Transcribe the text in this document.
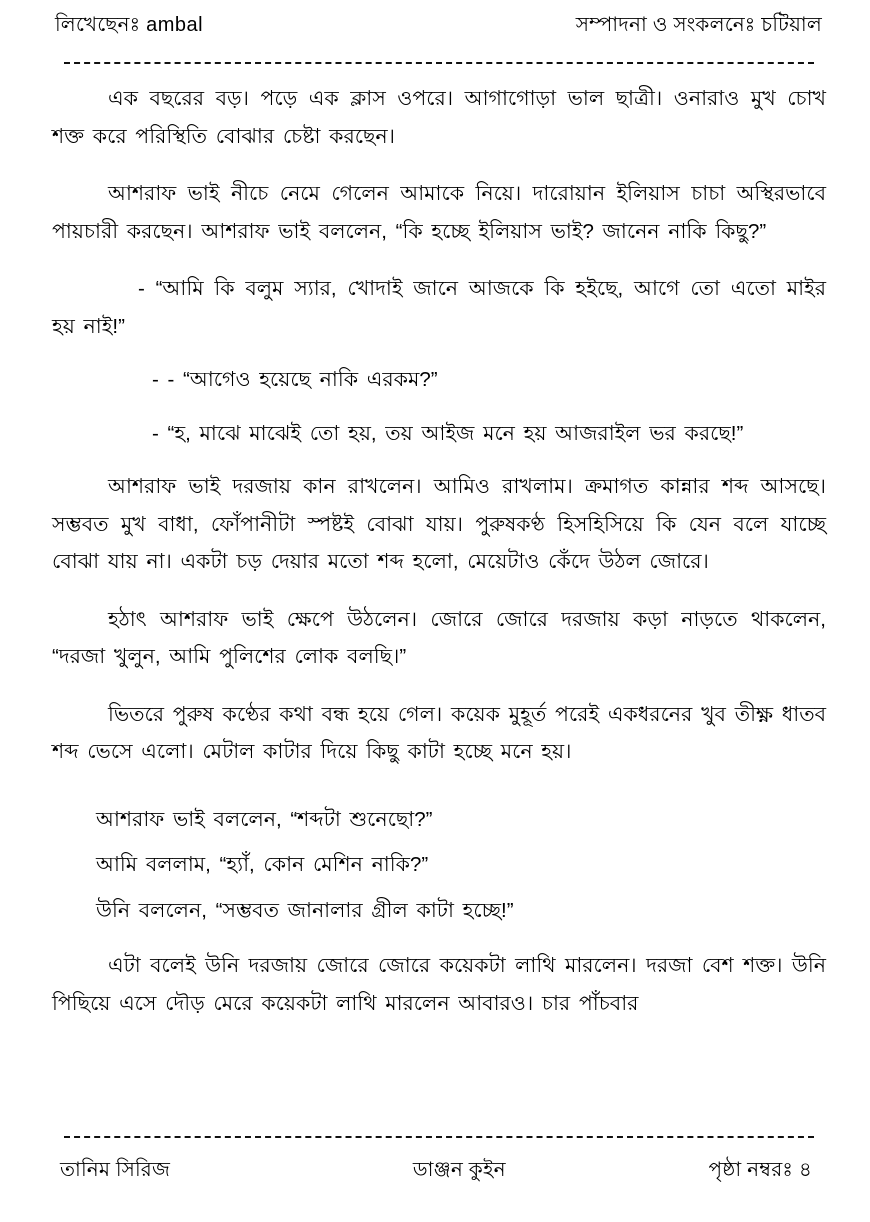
লিখেছেনঃ ambal	সম্পাদনা ও সংকলনেঃ চটিয়াল

এক বছরের বড়। পড়ে এক ক্লাস ওপরে। আগাগোড়া ভাল ছাত্রী। ওনারাও মুখ চোখ শক্ত করে পরিস্থিতি বোঝার চেষ্টা করছেন।

আশরাফ ভাই নীচে নেমে গেলেন আমাকে নিয়ে। দারোয়ান ইলিয়াস চাচা অস্থিরভাবে পায়চারী করছেন। আশরাফ ভাই বললেন, “কি হচ্ছে ইলিয়াস ভাই? জানেন নাকি কিছু?”

- “আমি কি বলুম স্যার, খোদাই জানে আজকে কি হইছে, আগে তো এতো মাইর হয় নাই!”

- - “আগেও হয়েছে নাকি এরকম?”

- “হ, মাঝে মাঝেই তো হয়, তয় আইজ মনে হয় আজরাইল ভর করছে!”

আশরাফ ভাই দরজায় কান রাখলেন। আমিও রাখলাম। ক্রমাগত কান্নার শব্দ আসছে। সম্ভবত মুখ বাধা, ফোঁপানীটা স্পষ্টই বোঝা যায়। পুরুষকণ্ঠ হিসহিসিয়ে কি যেন বলে যাচ্ছে বোঝা যায় না। একটা চড় দেয়ার মতো শব্দ হলো, মেয়েটাও কেঁদে উঠল জোরে।

হঠাৎ আশরাফ ভাই ক্ষেপে উঠলেন। জোরে জোরে দরজায় কড়া নাড়তে থাকলেন, “দরজা খুলুন, আমি পুলিশের লোক বলছি।”

ভিতরে পুরুষ কণ্ঠের কথা বন্ধ হয়ে গেল। কয়েক মুহূর্ত পরেই একধরনের খুব তীক্ষ্ণ ধাতব শব্দ ভেসে এলো। মেটাল কাটার দিয়ে কিছু কাটা হচ্ছে মনে হয়।

আশরাফ ভাই বললেন, “শব্দটা শুনেছো?”

আমি বললাম, “হ্যাঁ, কোন মেশিন নাকি?”

উনি বললেন, “সম্ভবত জানালার গ্রীল কাটা হচ্ছে!”

এটা বলেই উনি দরজায় জোরে জোরে কয়েকটা লাথি মারলেন। দরজা বেশ শক্ত। উনি পিছিয়ে এসে দৌড় মেরে কয়েকটা লাথি মারলেন আবারও। চার পাঁচবার

তানিম সিরিজ	ডাঞ্জন কুইন	পৃষ্ঠা নম্বরঃ ৪
